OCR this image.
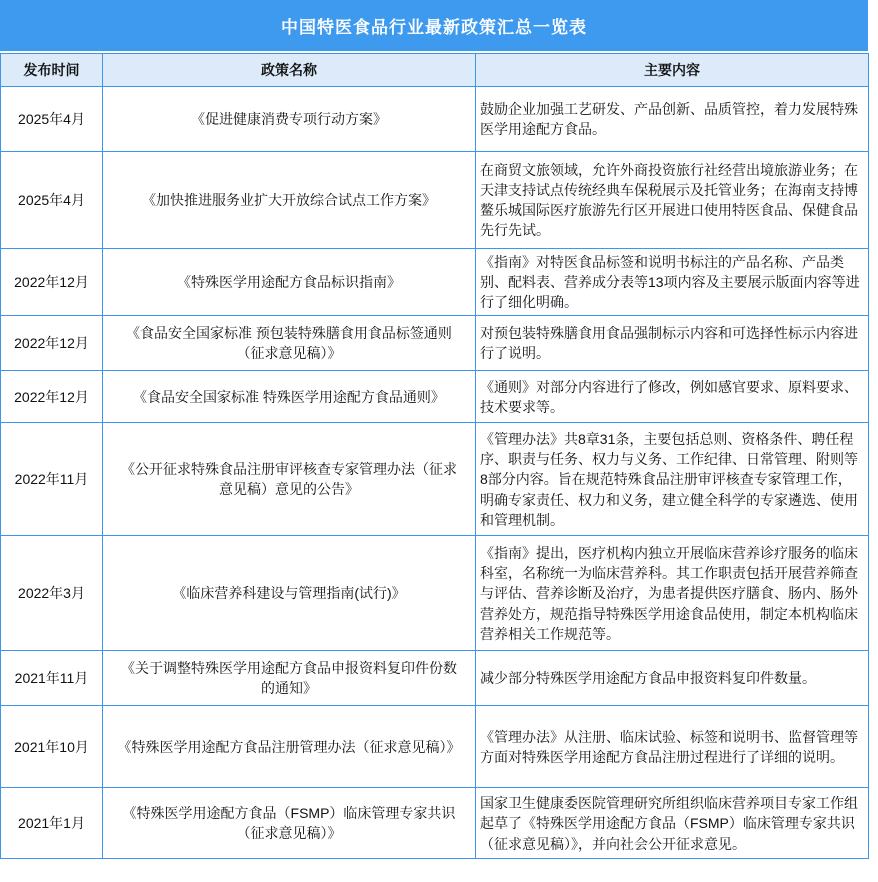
中国特医食品行业最新政策汇总一览表
发布时间	政策名称	主要内容
2025年4月	《促进健康消费专项行动方案》	鼓励企业加强工艺研发、产品创新、品质管控，着力发展特殊医学用途配方食品。
2025年4月	《加快推进服务业扩大开放综合试点工作方案》	在商贸文旅领域，允许外商投资旅行社经营出境旅游业务；在天津支持试点传统经典车保税展示及托管业务；在海南支持博鳌乐城国际医疗旅游先行区开展进口使用特医食品、保健食品先行先试。
2022年12月	《特殊医学用途配方食品标识指南》	《指南》对特医食品标签和说明书标注的产品名称、产品类别、配料表、营养成分表等13项内容及主要展示版面内容等进行了细化明确。
2022年12月	《食品安全国家标准 预包装特殊膳食用食品标签通则（征求意见稿）》	对预包装特殊膳食用食品强制标示内容和可选择性标示内容进行了说明。
2022年12月	《食品安全国家标准 特殊医学用途配方食品通则》	《通则》对部分内容进行了修改，例如感官要求、原料要求、技术要求等。
2022年11月	《公开征求特殊食品注册审评核查专家管理办法（征求意见稿）意见的公告》	《管理办法》共8章31条，主要包括总则、资格条件、聘任程序、职责与任务、权力与义务、工作纪律、日常管理、附则等8部分内容。旨在规范特殊食品注册审评核查专家管理工作，明确专家责任、权力和义务，建立健全科学的专家遴选、使用和管理机制。
2022年3月	《临床营养科建设与管理指南(试行)》	《指南》提出，医疗机构内独立开展临床营养诊疗服务的临床科室，名称统一为临床营养科。其工作职责包括开展营养筛查与评估、营养诊断及治疗，为患者提供医疗膳食、肠内、肠外营养处方，规范指导特殊医学用途食品使用，制定本机构临床营养相关工作规范等。
2021年11月	《关于调整特殊医学用途配方食品申报资料复印件份数的通知》	减少部分特殊医学用途配方食品申报资料复印件数量。
2021年10月	《特殊医学用途配方食品注册管理办法（征求意见稿）》	《管理办法》从注册、临床试验、标签和说明书、监督管理等方面对特殊医学用途配方食品注册过程进行了详细的说明。
2021年1月	《特殊医学用途配方食品（FSMP）临床管理专家共识（征求意见稿）》	国家卫生健康委医院管理研究所组织临床营养项目专家工作组起草了《特殊医学用途配方食品（FSMP）临床管理专家共识（征求意见稿）》，并向社会公开征求意见。
